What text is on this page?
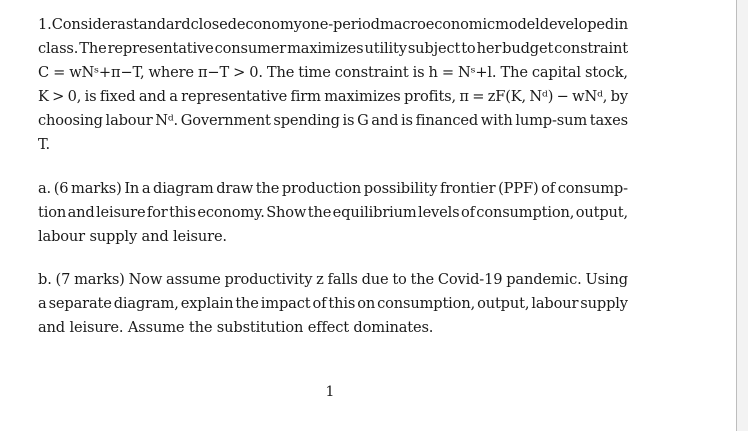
1. Consider a standard closed economy one-period macroeconomic model developed in
class. The representative consumer maximizes utility subject to her budget constraint
C = wNˢ+π−T, where π−T > 0. The time constraint is h = Nˢ+l. The capital stock,
K > 0, is fixed and a representative firm maximizes profits, π = zF(K, Nᵈ) − wNᵈ, by
choosing labour Nᵈ. Government spending is G and is financed with lump-sum taxes
T.
a. (6 marks) In a diagram draw the production possibility frontier (PPF) of consump-
tion and leisure for this economy. Show the equilibrium levels of consumption, output,
labour supply and leisure.
b. (7 marks) Now assume productivity z falls due to the Covid-19 pandemic. Using
a separate diagram, explain the impact of this on consumption, output, labour supply
and leisure. Assume the substitution effect dominates.
1
